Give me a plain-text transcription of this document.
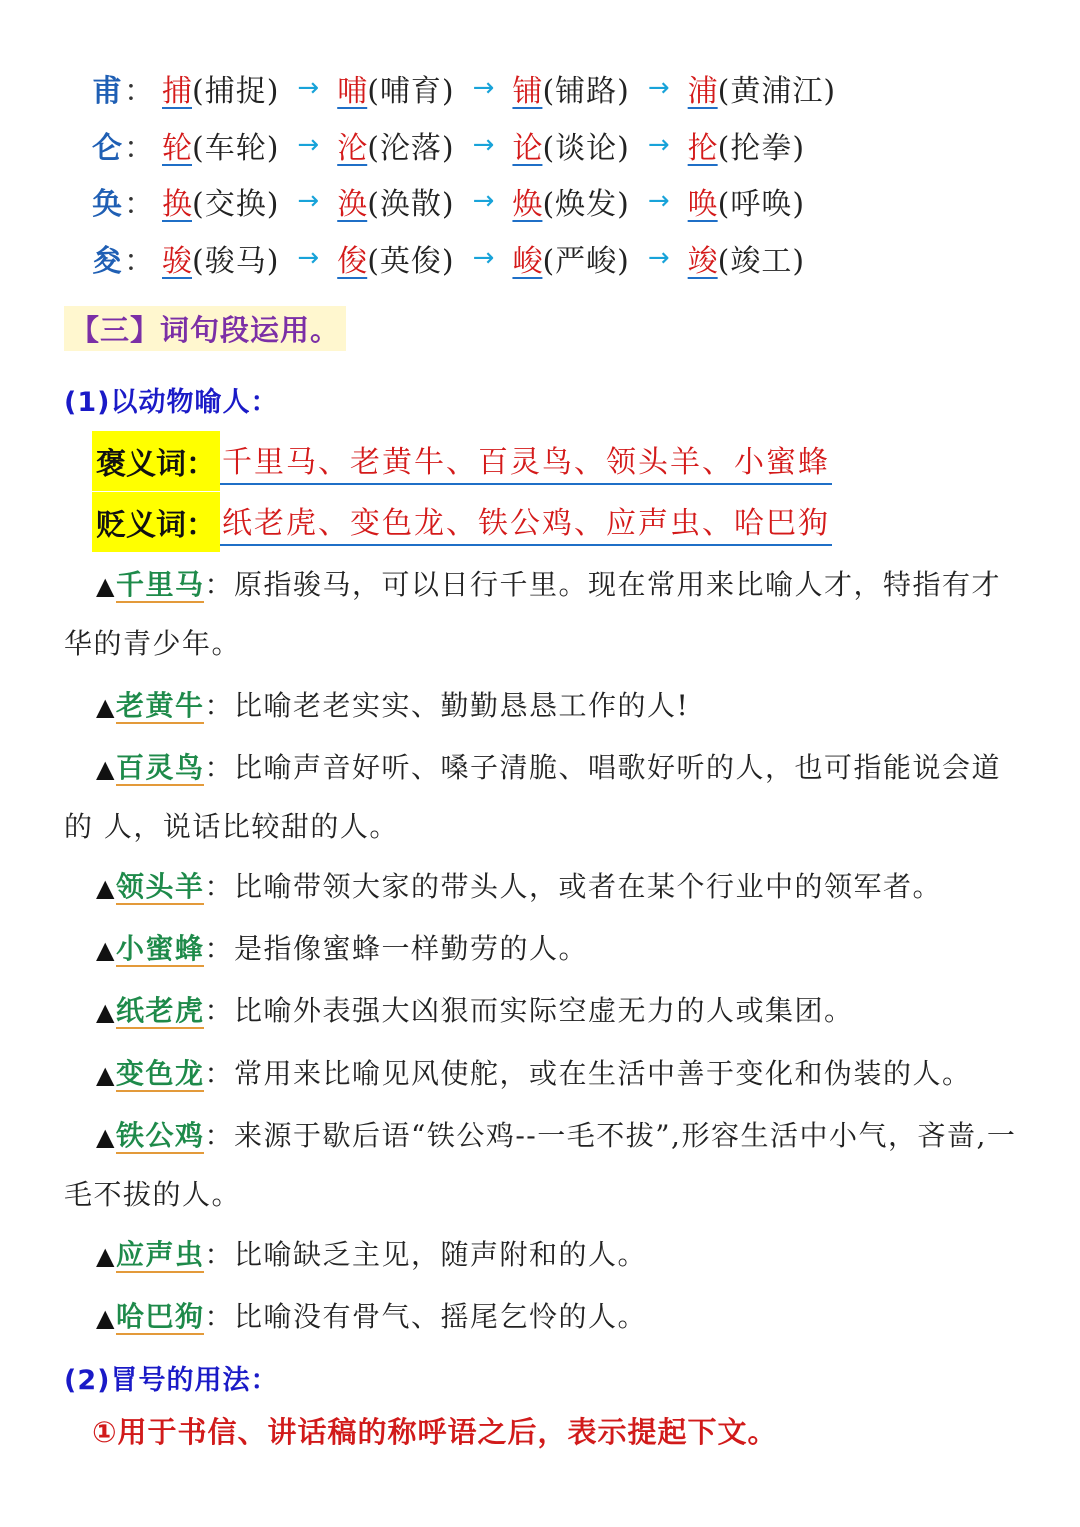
甫 ： 捕 (捕捉) → 哺 (哺育) → 铺 (铺路) → 浦 (黄浦江)
仑 ： 轮 (车轮) → 沦 (沦落) → 论 (谈论) → 抡 (抡拳)
奂 ： 换 (交换) → 涣 (涣散) → 焕 (焕发) → 唤 (呼唤)
夋 ： 骏 (骏马) → 俊 (英俊) → 峻 (严峻) → 竣 (竣工)
【三】词句段运用。
(1)以动物喻人：
褒义词： 千里马、老黄牛、百灵鸟、领头羊、小蜜蜂
贬义词： 纸老虎、变色龙、铁公鸡、应声虫、哈巴狗
▲千里马：原指骏马，可以日行千里。现在常用来比喻人才，特指有才华的青少年。
▲老黄牛：比喻老老实实、勤勤恳恳工作的人!
▲百灵鸟：比喻声音好听、嗓子清脆、唱歌好听的人，也可指能说会道的 人，说话比较甜的人。
▲领头羊：比喻带领大家的带头人，或者在某个行业中的领军者。
▲小蜜蜂：是指像蜜蜂一样勤劳的人。
▲纸老虎：比喻外表强大凶狠而实际空虚无力的人或集团。
▲变色龙：常用来比喻见风使舵，或在生活中善于变化和伪装的人。
▲铁公鸡：来源于歇后语“铁公鸡--一毛不拔”,形容生活中小气，吝啬,一毛不拔的人。
▲应声虫：比喻缺乏主见，随声附和的人。
▲哈巴狗：比喻没有骨气、摇尾乞怜的人。
(2)冒号的用法：
①用于书信、讲话稿的称呼语之后，表示提起下文。
